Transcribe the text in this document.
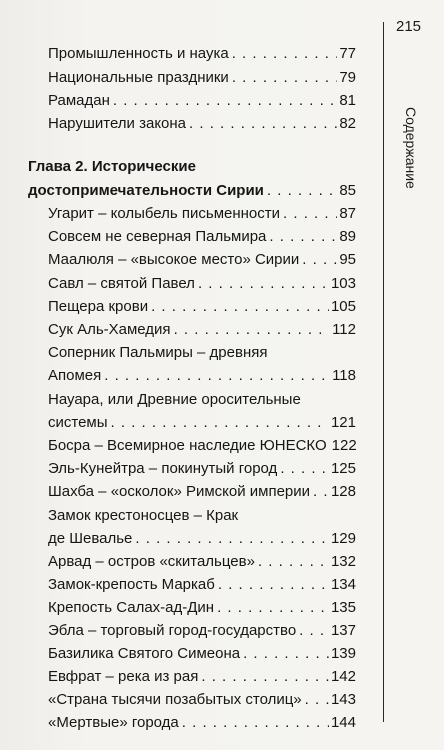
215
Содержание
Промышленность и наука . . .	77
Национальные праздники . . .	79
Рамадан . . .	81
Нарушители закона . . .	82
Глава 2. Исторические
достопримечательности Сирии . . .	85
Угарит – колыбель письменности . . .	87
Совсем не северная Пальмира . . .	89
Маалюля – «высокое место» Сирии . . .	95
Савл – святой Павел . . .	103
Пещера крови . . .	105
Сук Аль-Хамедия . . .	112
Соперник Пальмиры – древняя
Апомея . . .	118
Науара, или Древние оросительные
системы . . .	121
Босра – Всемирное наследие ЮНЕСКО 122
Эль-Кунейтра – покинутый город . . .	125
Шахба – «осколок» Римской империи . . . 128
Замок крестоносцев – Крак
де Шевалье . . .	129
Арвад – остров «скитальцев» . . .	132
Замок-крепость Маркаб . . .	134
Крепость Салах-ад-Дин . . .	135
Эбла – торговый город-государство . . . 137
Базилика Святого Симеона . . .	139
Евфрат – река из рая . . .	142
«Страна тысячи позабытых столиц» . . . 143
«Мертвые» города . . .	144
